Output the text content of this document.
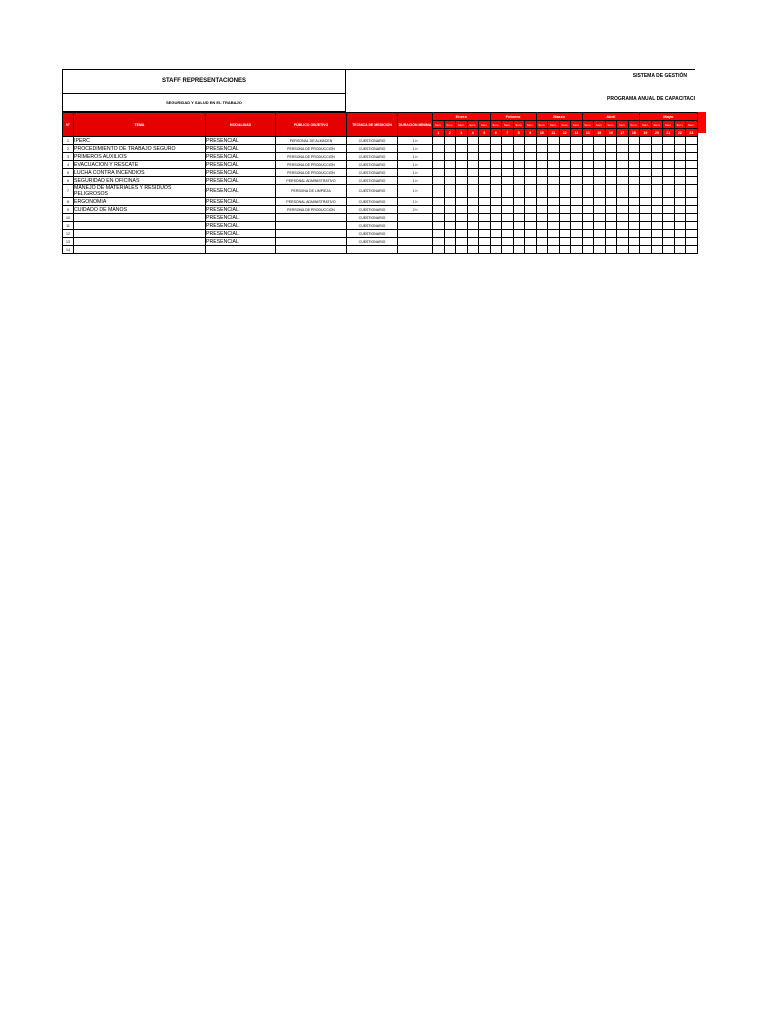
STAFF REPRESENTACIONES
SEGURIDAD Y SALUD EN EL TRABAJO
SISTEMA DE GESTIÓN
PROGRAMA ANUAL DE CAPACITACI
N°	TEMA	MODALIDAD	PÚBLICO OBJETIVO	TECNICA DE MEDICIÓN	DURACIÓN MÍNIMA	Enero					Febrero				Marzo				Abril					Mayo				
						Sem.	Sem.	Sem.	Sem.	Sem.	Sem.	Sem.	Sem.	Sem.	Sem.	Sem.	Sem.	Sem.	Sem.	Sem.	Sem.	Sem.	Sem.	Sem.	Sem.	Sem.	Sem.	Sem.
						1	2	3	4	5	6	7	8	9	10	11	12	13	14	15	16	17	18	19	20	21	22	23
1	IPERC	PRESENCIAL	PERSONAL DE ALMACEN	CUESTIONARIO	1 h																							
2	PROCEDIMIENTO DE TRABAJO SEGURO	PRESENCIAL	PERSONA DE PRODUCCION	CUESTIONARIO	1 h																							
3	PRIMEROS AUXILIOS	PRESENCIAL	PERSONA DE PRODUCCION	CUESTIONARIO	1 h																							
4	EVACUACION Y RESCATE	PRESENCIAL	PERSONA DE PRODUCCION	CUESTIONARIO	1 h																							
5	LUCHA CONTRA INCENDIOS	PRESENCIAL	PERSONA DE PRODUCCION	CUESTIONARIO	1 h																							
6	SEGURIDAD EN OFICINAS	PRESENCIAL	PERSONAL ADMINISTRATIVO	CUESTIONARIO	1 h																							
7	MANEJO DE MATERIALES Y RESIDUOS PELIGROSOS	PRESENCIAL	PERSONA DE LIMPIEZA	CUESTIONARIO	1 h																							
8	ERGONOMIA	PRESENCIAL	PERSONAL ADMINISTRATIVO	CUESTIONARIO	1 h																							
9	CUIDADO DE MANOS	PRESENCIAL	PERSONA DE PRODUCCION	CUESTIONARIO	2 h																							
10		PRESENCIAL		CUESTIONARIO																								
11		PRESENCIAL		CUESTIONARIO																								
12		PRESENCIAL		CUESTIONARIO																								
13		PRESENCIAL		CUESTIONARIO																								
14																												
